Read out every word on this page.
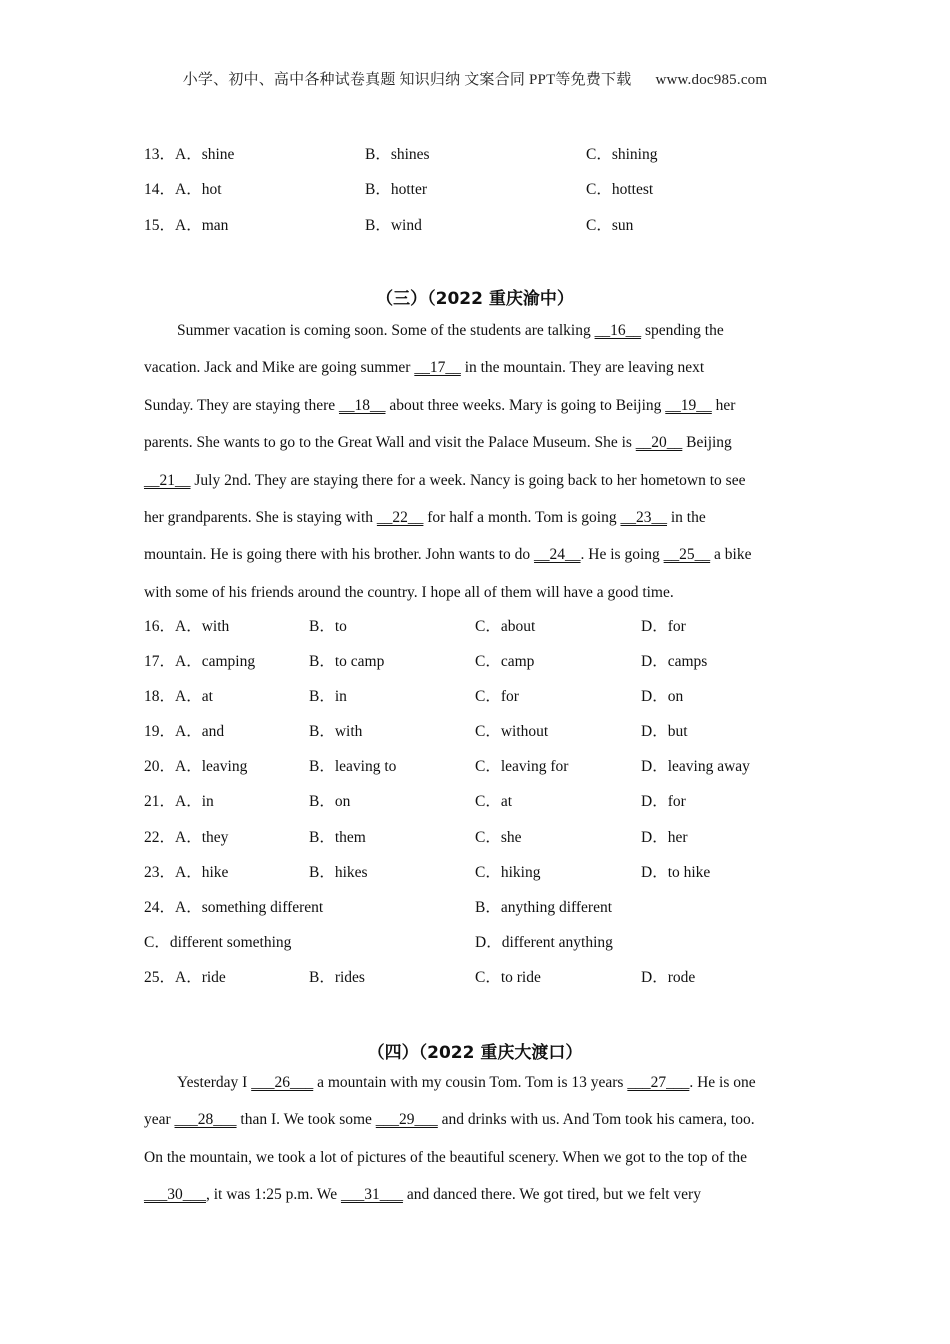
小学、初中、高中各种试卷真题 知识归纳 文案合同 PPT等免费下载 www.doc985.com
13．A．shine	B．shines	C．shining
14．A．hot	B．hotter	C．hottest
15．A．man	B．wind	C．sun
（三）（2022 重庆渝中）
Summer vacation is coming soon. Some of the students are talking __16__ spending the
vacation. Jack and Mike are going summer __17__ in the mountain. They are leaving next
Sunday. They are staying there __18__ about three weeks. Mary is going to Beijing __19__ her
parents. She wants to go to the Great Wall and visit the Palace Museum. She is __20__ Beijing
__21__ July 2nd. They are staying there for a week. Nancy is going back to her hometown to see
her grandparents. She is staying with __22__ for half a month. Tom is going __23__ in the
mountain. He is going there with his brother. John wants to do __24__. He is going __25__ a bike
with some of his friends around the country. I hope all of them will have a good time.
16．A．with	B．to	C．about	D．for
17．A．camping	B．to camp	C．camp	D．camps
18．A．at	B．in	C．for	D．on
19．A．and	B．with	C．without	D．but
20．A．leaving	B．leaving to	C．leaving for	D．leaving away
21．A．in	B．on	C．at	D．for
22．A．they	B．them	C．she	D．her
23．A．hike	B．hikes	C．hiking	D．to hike
24．A．something different	B．anything different
C．different something	D．different anything
25．A．ride	B．rides	C．to ride	D．rode
（四）（2022 重庆大渡口）
Yesterday I ___26___ a mountain with my cousin Tom. Tom is 13 years ___27___. He is one
year ___28___ than I. We took some ___29___ and drinks with us. And Tom took his camera, too.
On the mountain, we took a lot of pictures of the beautiful scenery. When we got to the top of the
___30___, it was 1:25 p.m. We ___31___ and danced there. We got tired, but we felt very
